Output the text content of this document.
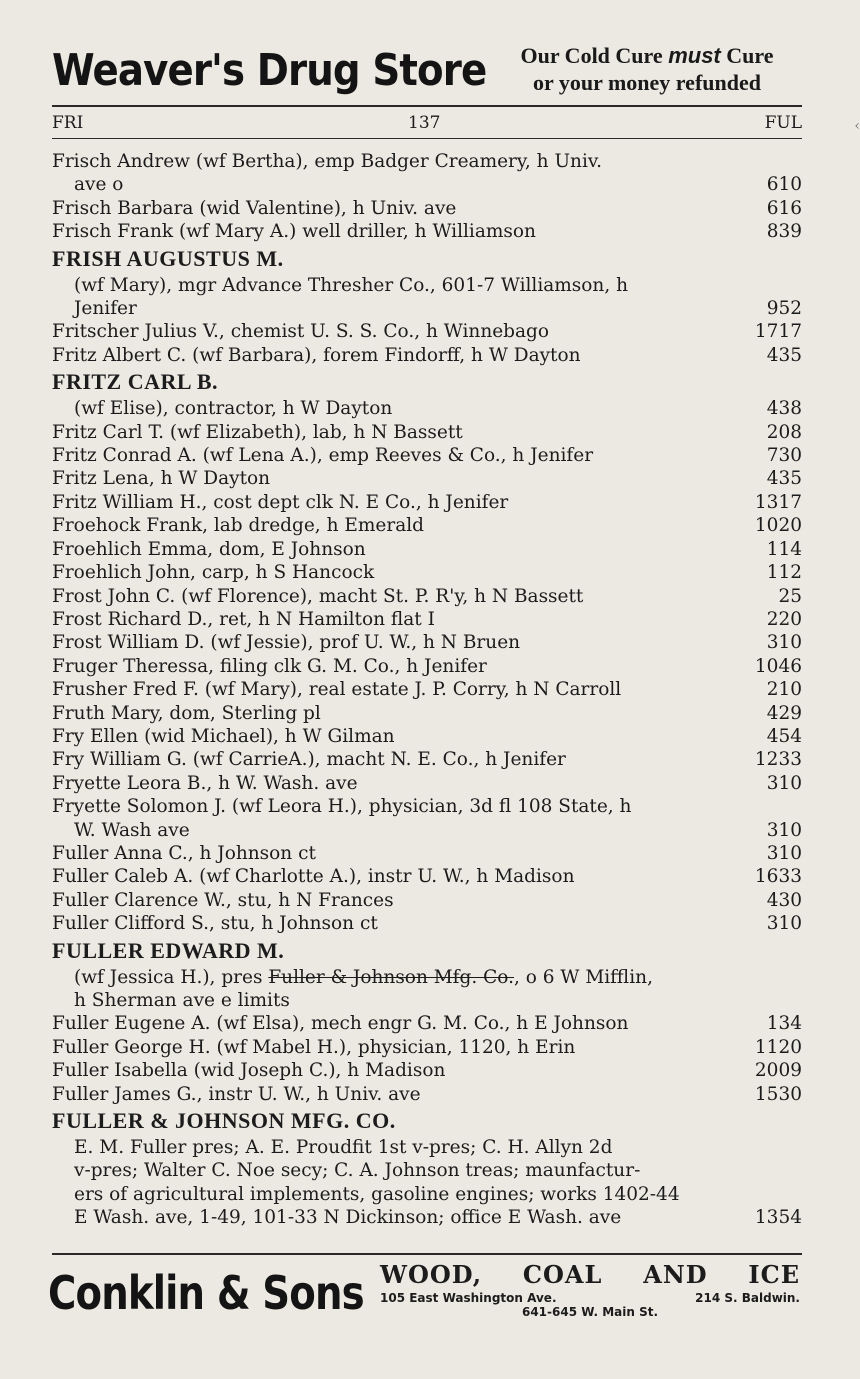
Weaver's Drug Store	Our Cold Cure must Cure
or your money refunded
FRI	137	FUL	‹
Frisch Andrew (wf Bertha), emp Badger Creamery, h Univ.
ave o	610
Frisch Barbara (wid Valentine), h Univ. ave	616
Frisch Frank (wf Mary A.) well driller, h Williamson	839
FRISH AUGUSTUS M.
(wf Mary), mgr Advance Thresher Co., 601-7 Williamson, h
Jenifer	952
Fritscher Julius V., chemist U. S. S. Co., h Winnebago	1717
Fritz Albert C. (wf Barbara), forem Findorff, h W Dayton	435
FRITZ CARL B.
(wf Elise), contractor, h W Dayton	438
Fritz Carl T. (wf Elizabeth), lab, h N Bassett	208
Fritz Conrad A. (wf Lena A.), emp Reeves & Co., h Jenifer	730
Fritz Lena, h W Dayton	435
Fritz William H., cost dept clk N. E Co., h Jenifer	1317
Froehock Frank, lab dredge, h Emerald	1020
Froehlich Emma, dom, E Johnson	114
Froehlich John, carp, h S Hancock	112
Frost John C. (wf Florence), macht St. P. R'y, h N Bassett	25
Frost Richard D., ret, h N Hamilton flat I	220
Frost William D. (wf Jessie), prof U. W., h N Bruen	310
Fruger Theressa, filing clk G. M. Co., h Jenifer	1046
Frusher Fred F. (wf Mary), real estate J. P. Corry, h N Carroll	210
Fruth Mary, dom, Sterling pl	429
Fry Ellen (wid Michael), h W Gilman	454
Fry William G. (wf CarrieA.), macht N. E. Co., h Jenifer	1233
Fryette Leora B., h W. Wash. ave	310
Fryette Solomon J. (wf Leora H.), physician, 3d fl 108 State, h
W. Wash ave	310
Fuller Anna C., h Johnson ct	310
Fuller Caleb A. (wf Charlotte A.), instr U. W., h Madison	1633
Fuller Clarence W., stu, h N Frances	430
Fuller Clifford S., stu, h Johnson ct	310
FULLER EDWARD M.
(wf Jessica H.), pres Fuller & Johnson Mfg. Co., o 6 W Mifflin,
h Sherman ave e limits
Fuller Eugene A. (wf Elsa), mech engr G. M. Co., h E Johnson	134
Fuller George H. (wf Mabel H.), physician, 1120, h Erin	1120
Fuller Isabella (wid Joseph C.), h Madison	2009
Fuller James G., instr U. W., h Univ. ave	1530
FULLER & JOHNSON MFG. CO.
E. M. Fuller pres; A. E. Proudfit 1st v-pres; C. H. Allyn 2d
v-pres; Walter C. Noe secy; C. A. Johnson treas; maunfactur-
ers of agricultural implements, gasoline engines; works 1402-44
E Wash. ave, 1-49, 101-33 N Dickinson; office E Wash. ave	1354
Conklin & Sons WOOD, COAL AND ICE
105 East Washington Ave.	214 S. Baldwin.
641-645 W. Main St.
